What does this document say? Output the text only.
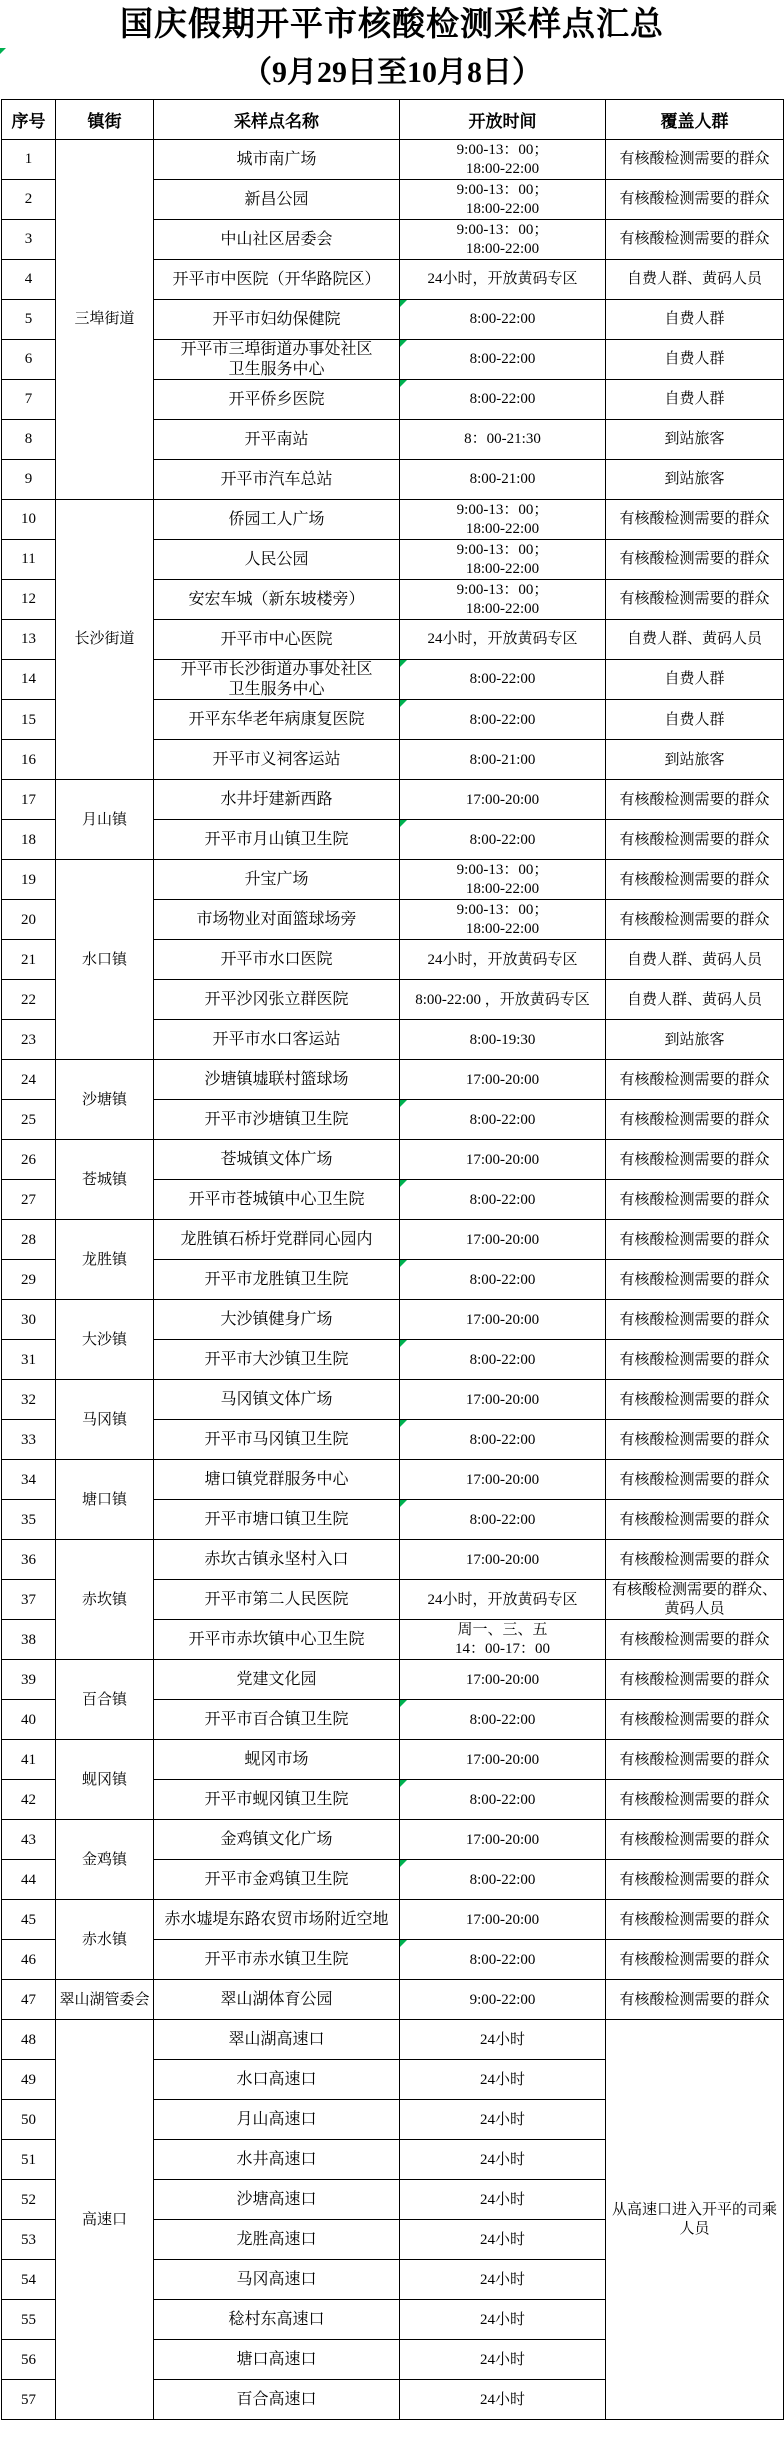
国庆假期开平市核酸检测采样点汇总
（9月29日至10月8日）
序号	镇街	采样点名称	开放时间	覆盖人群

1	三埠街道	城市南广场	9:00-13：00；
18:00-22:00	有核酸检测需要的群众

2		新昌公园	9:00-13：00；
18:00-22:00	有核酸检测需要的群众

3		中山社区居委会	9:00-13：00；
18:00-22:00	有核酸检测需要的群众

4		开平市中医院（开华路院区）	24小时，开放黄码专区	自费人群、黄码人员

5		开平市妇幼保健院	8:00-22:00	自费人群

6		开平市三埠街道办事处社区
卫生服务中心	8:00-22:00	自费人群

7		开平侨乡医院	8:00-22:00	自费人群

8		开平南站	8：00-21:30	到站旅客

9		开平市汽车总站	8:00-21:00	到站旅客

10	长沙街道	侨园工人广场	9:00-13：00；
18:00-22:00	有核酸检测需要的群众

11		人民公园	9:00-13：00；
18:00-22:00	有核酸检测需要的群众

12		安宏车城（新东坡楼旁）	9:00-13：00；
18:00-22:00	有核酸检测需要的群众

13		开平市中心医院	24小时，开放黄码专区	自费人群、黄码人员

14		开平市长沙街道办事处社区
卫生服务中心	8:00-22:00	自费人群

15		开平东华老年病康复医院	8:00-22:00	自费人群

16		开平市义祠客运站	8:00-21:00	到站旅客

17	月山镇	水井圩建新西路	17:00-20:00	有核酸检测需要的群众

18		开平市月山镇卫生院	8:00-22:00	有核酸检测需要的群众

19	水口镇	升宝广场	9:00-13：00；
18:00-22:00	有核酸检测需要的群众

20		市场物业对面篮球场旁	9:00-13：00；
18:00-22:00	有核酸检测需要的群众

21		开平市水口医院	24小时，开放黄码专区	自费人群、黄码人员

22		开平沙冈张立群医院	8:00-22:00 ，开放黄码专区	自费人群、黄码人员

23		开平市水口客运站	8:00-19:30	到站旅客

24	沙塘镇	沙塘镇墟联村篮球场	17:00-20:00	有核酸检测需要的群众

25		开平市沙塘镇卫生院	8:00-22:00	有核酸检测需要的群众

26	苍城镇	苍城镇文体广场	17:00-20:00	有核酸检测需要的群众

27		开平市苍城镇中心卫生院	8:00-22:00	有核酸检测需要的群众

28	龙胜镇	龙胜镇石桥圩党群同心园内	17:00-20:00	有核酸检测需要的群众

29		开平市龙胜镇卫生院	8:00-22:00	有核酸检测需要的群众

30	大沙镇	大沙镇健身广场	17:00-20:00	有核酸检测需要的群众

31		开平市大沙镇卫生院	8:00-22:00	有核酸检测需要的群众

32	马冈镇	马冈镇文体广场	17:00-20:00	有核酸检测需要的群众

33		开平市马冈镇卫生院	8:00-22:00	有核酸检测需要的群众

34	塘口镇	塘口镇党群服务中心	17:00-20:00	有核酸检测需要的群众

35		开平市塘口镇卫生院	8:00-22:00	有核酸检测需要的群众

36	赤坎镇	赤坎古镇永坚村入口	17:00-20:00	有核酸检测需要的群众

37		开平市第二人民医院	24小时，开放黄码专区	有核酸检测需要的群众、黄码人员

38		开平市赤坎镇中心卫生院	周一、三、五
14：00-17：00	有核酸检测需要的群众

39	百合镇	党建文化园	17:00-20:00	有核酸检测需要的群众

40		开平市百合镇卫生院	8:00-22:00	有核酸检测需要的群众

41	蚬冈镇	蚬冈市场	17:00-20:00	有核酸检测需要的群众

42		开平市蚬冈镇卫生院	8:00-22:00	有核酸检测需要的群众

43	金鸡镇	金鸡镇文化广场	17:00-20:00	有核酸检测需要的群众

44		开平市金鸡镇卫生院	8:00-22:00	有核酸检测需要的群众

45	赤水镇	赤水墟堤东路农贸市场附近空地	17:00-20:00	有核酸检测需要的群众

46		开平市赤水镇卫生院	8:00-22:00	有核酸检测需要的群众

47	翠山湖管委会	翠山湖体育公园	9:00-22:00	有核酸检测需要的群众

48	高速口	翠山湖高速口	24小时	从高速口进入开平的司乘人员

49		水口高速口	24小时	

50		月山高速口	24小时	

51		水井高速口	24小时	

52		沙塘高速口	24小时	

53		龙胜高速口	24小时	

54		马冈高速口	24小时	

55		稔村东高速口	24小时	

56		塘口高速口	24小时	

57		百合高速口	24小时	
